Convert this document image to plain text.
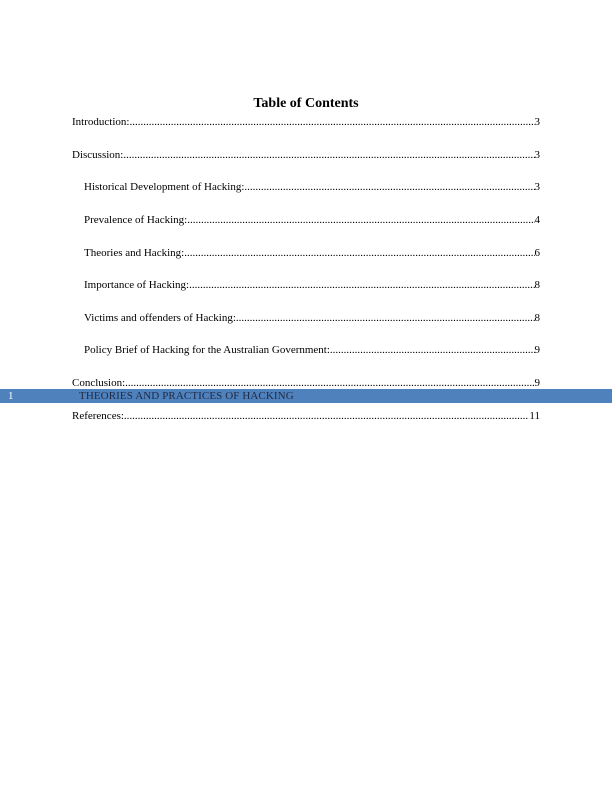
Table of Contents
Introduction: .....	3
Discussion: .....	3
Historical Development of Hacking: .....	3
Prevalence of Hacking: .....	4
Theories and Hacking: .....	6
Importance of Hacking: .....	8
Victims and offenders of Hacking: .....	8
Policy Brief of Hacking for the Australian Government: .....	9
Conclusion: .....	9
1	THEORIES AND PRACTICES OF HACKING
References: .....	11
